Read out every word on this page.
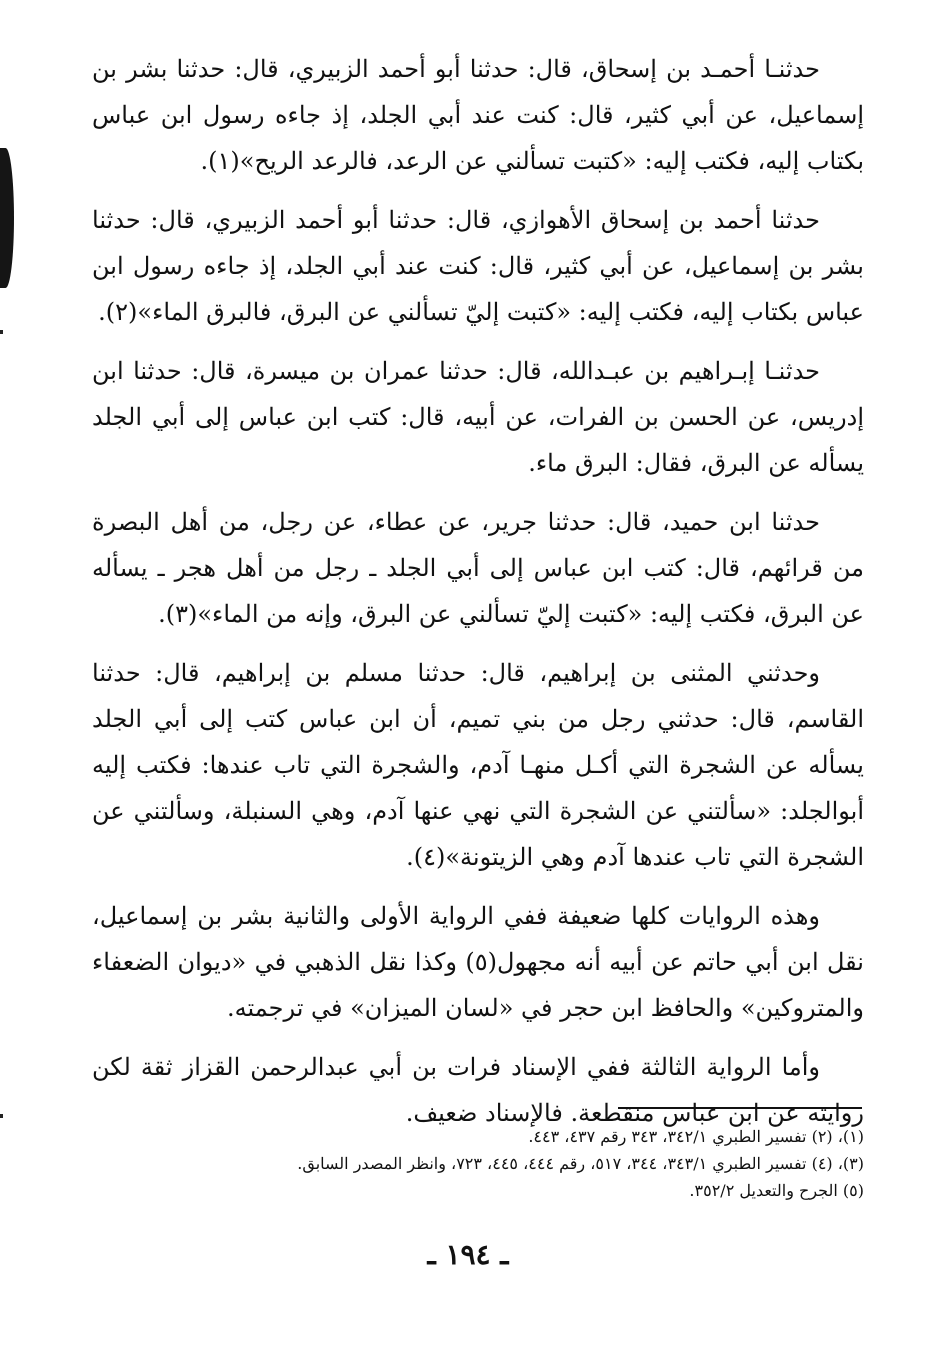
حدثنـا أحمـد بن إسحاق، قال: حدثنا أبو أحمد الزبيري، قال: حدثنا بشر بن إسماعيل، عن أبي كثير، قال: كنت عند أبي الجلد، إذ جاءه رسول ابن عباس بكتاب إليه، فكتب إليه: «كتبت تسألني عن الرعد، فالرعد الريح»(١).

حدثنا أحمد بن إسحاق الأهوازي، قال: حدثنا أبو أحمد الزبيري، قال: حدثنا بشر بن إسماعيل، عن أبي كثير، قال: كنت عند أبي الجلد، إذ جاءه رسول ابن عباس بكتاب إليه، فكتب إليه: «كتبت إليّ تسألني عن البرق، فالبرق الماء»(٢).

حدثنـا إبـراهيم بن عبـدالله، قال: حدثنا عمران بن ميسرة، قال: حدثنا ابن إدريس، عن الحسن بن الفرات، عن أبيه، قال: كتب ابن عباس إلى أبي الجلد يسأله عن البرق، فقال: البرق ماء.

حدثنا ابن حميد، قال: حدثنا جرير، عن عطاء، عن رجل، من أهل البصرة من قرائهم، قال: كتب ابن عباس إلى أبي الجلد ـ رجل من أهل هجر ـ يسأله عن البرق، فكتب إليه: «كتبت إليّ تسألني عن البرق، وإنه من الماء»(٣).

وحدثني المثنى بن إبراهيم، قال: حدثنا مسلم بن إبراهيم، قال: حدثنا القاسم، قال: حدثني رجل من بني تميم، أن ابن عباس كتب إلى أبي الجلد يسأله عن الشجرة التي أكـل منهـا آدم، والشجرة التي تاب عندها: فكتب إليه أبوالجلد: «سألتني عن الشجرة التي نهي عنها آدم، وهي السنبلة، وسألتني عن الشجرة التي تاب عندها آدم وهي الزيتونة»(٤).

وهذه الروايات كلها ضعيفة ففي الرواية الأولى والثانية بشر بن إسماعيل، نقل ابن أبي حاتم عن أبيه أنه مجهول(٥) وكذا نقل الذهبي في «ديوان الضعفاء والمتروكين» والحافظ ابن حجر في «لسان الميزان» في ترجمته.

وأما الرواية الثالثة ففي الإسناد فرات بن أبي عبدالرحمن القزاز ثقة لكن روايته عن ابن عباس منقطعة. فالإسناد ضعيف.

(١)، (٢) تفسير الطبري ٣٤٢/١، ٣٤٣ رقم ٤٣٧، ٤٤٣.

(٣)، (٤) تفسير الطبري ٣٤٣/١، ٣٤٤، ٥١٧، رقم ٤٤٤، ٤٤٥، ٧٢٣، وانظر المصدر السابق.

(٥) الجرح والتعديل ٣٥٢/٢.

ـ ١٩٤ ـ
